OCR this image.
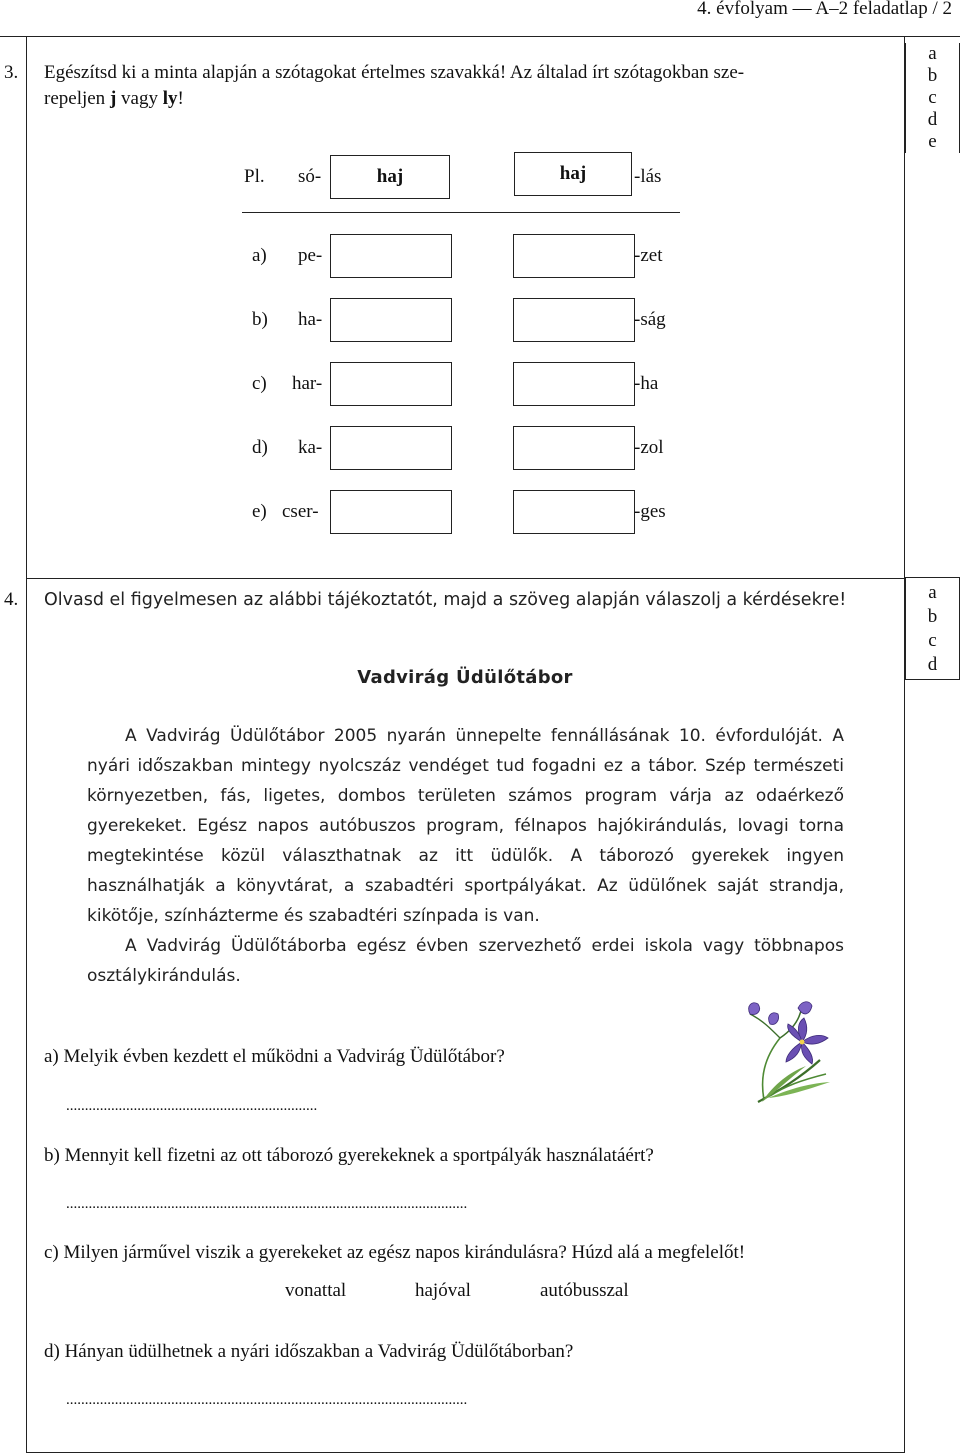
4. évfolyam — A–2 feladatlap / 2
3. Egészítsd ki a minta alapján a szótagokat értelmes szavakká! Az általad írt szótagokban sze-
repeljen j vagy ly!
a
b
c
d
e
Pl. só-	haj	haj	-lás
a) pe-	-zet
b) ha-	-ság
c) har-	-ha
d) ka-	-zol
e) cser-	-ges
4. Olvasd el figyelmesen az alábbi tájékoztatót, majd a szöveg alapján válaszolj a kérdésekre!	a
b
c
d
Vadvirág Üdülőtábor

A Vadvirág Üdülőtábor 2005 nyarán ünnepelte fennállásának 10. évfordulóját. A nyári időszakban mintegy nyolcszáz vendéget tud fogadni ez a tábor. Szép természeti környezetben, fás, ligetes, dombos területen számos program várja az odaérkező gyerekeket. Egész napos autóbuszos program, félnapos hajókirándulás, lovagi torna megtekintése közül választhatnak az itt üdülők. A táborozó gyerekek ingyen használhatják a könyvtárat, a szabadtéri sportpályákat. Az üdülőnek saját strandja, kikötője, színházterme és szabadtéri színpada is van.

A Vadvirág Üdülőtáborba egész évben szervezhető erdei iskola vagy többnapos osztálykirándulás.

a) Melyik évben kezdett el működni a Vadvirág Üdülőtábor?
...................................................................
b) Mennyit kell fizetni az ott táborozó gyerekeknek a sportpályák használatáért?
...........................................................................................................
c) Milyen járművel viszik a gyerekeket az egész napos kirándulásra? Húzd alá a megfelelőt!
vonattal	hajóval	autóbusszal
d) Hányan üdülhetnek a nyári időszakban a Vadvirág Üdülőtáborban?
...........................................................................................................
